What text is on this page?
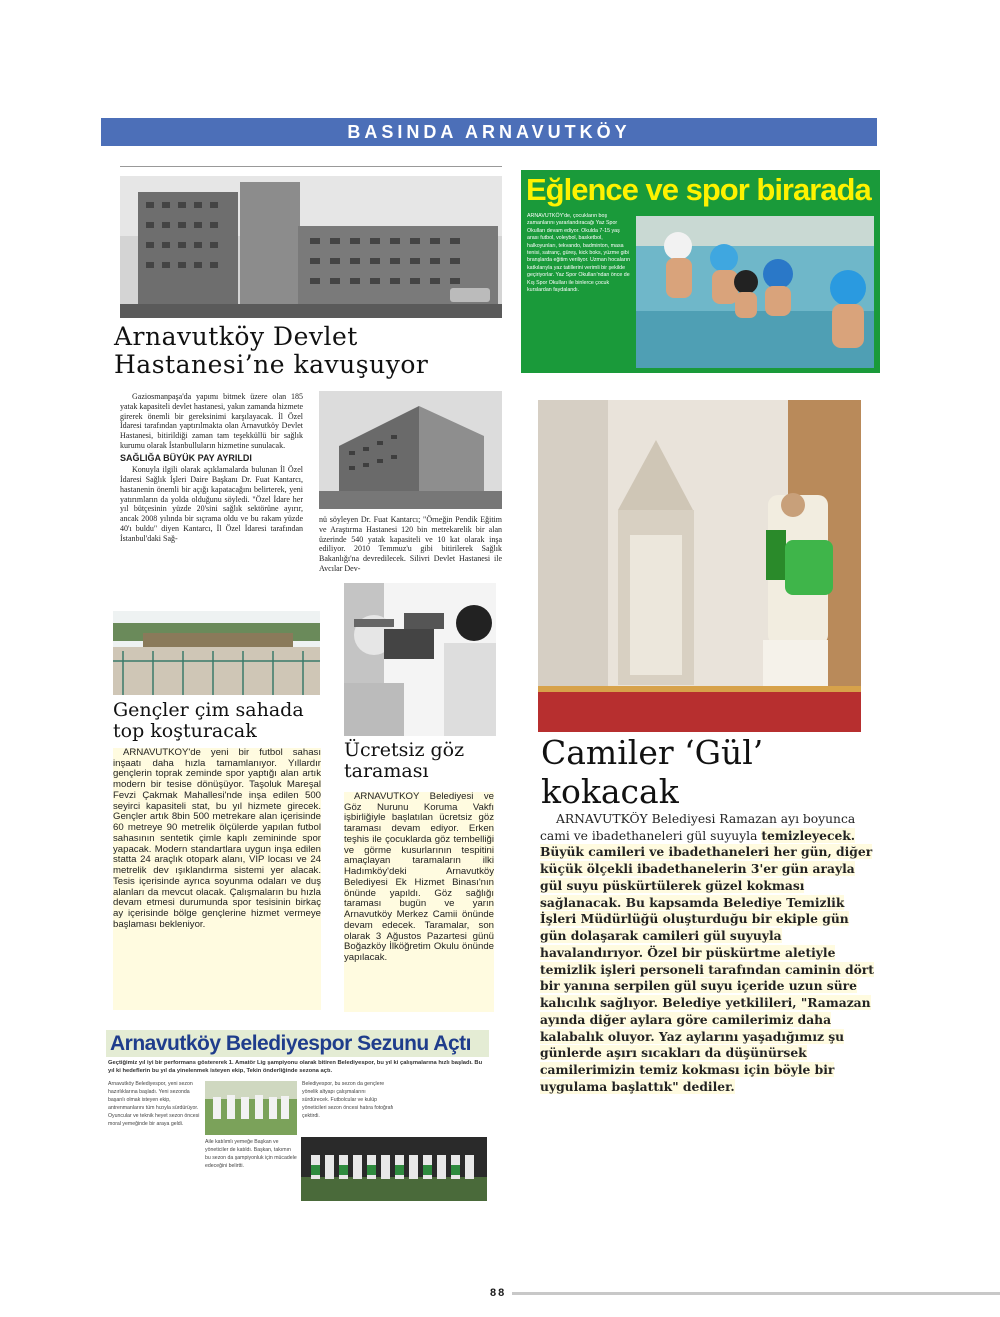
BASINDA ARNAVUTKÖY
Arnavutköy Devlet Hastanesi’ne kavuşuyor

Gaziosmanpaşa'da yapımı bitmek üzere olan 185 yatak kapasiteli devlet hastanesi, yakın zamanda hizmete girerek önemli bir gereksinimi karşılayacak. İl Özel İdaresi tarafından yaptırılmakta olan Arnavutköy Devlet Hastanesi, bitirildiği zaman tam teşekküllü bir sağlık kurumu olarak İstanbulluların hizmetine sunulacak.

SAĞLIĞA BÜYÜK PAY AYRILDI

Konuyla ilgili olarak açıklamalarda bulunan İl Özel İdaresi Sağlık İşleri Daire Başkanı Dr. Fuat Kantarcı, hastanenin önemli bir açığı kapatacağını belirterek, yeni yatırımların da yolda olduğunu söyledi. "Özel İdare her yıl bütçesinin yüzde 20'sini sağlık sektörüne ayırır, ancak 2008 yılında bir sıçrama oldu ve bu rakam yüzde 40'ı buldu" diyen Kantarcı, İl Özel İdaresi tarafından İstanbul'daki Sağ-

nü söyleyen Dr. Fuat Kantarcı; "Örneğin Pendik Eğitim ve Araştırma Hastanesi 120 bin metrekarelik bir alan üzerinde 540 yatak kapasiteli ve 10 kat olarak inşa ediliyor. 2010 Temmuz'u gibi bitirilerek Sağlık Bakanlığı'na devredilecek. Silivri Devlet Hastanesi ile Avcılar Dev-
Eğlence ve spor birarada
ARNAVUTKÖY'de, çocukların boş zamanlarını yararlandıracağı Yaz Spor Okulları devam ediyor. Okulda 7-15 yaş arası futbol, voleybol, basketbol, halkoyunları, tekvando, badminton, masa tenisi, satranç, güreş, kick boks, yüzme gibi branşlarda eğitim veriliyor. Uzman hocaların katkılarıyla yaz tatillerini verimli bir şekilde geçiriyorlar. Yaz Spor Okulları'ndan önce de Kış Spor Okulları ile binlerce çocuk kurslardan faydalandı.
Gençler çim sahada top koşturacak
ARNAVUTKÖY'de yeni bir futbol sahası inşaatı daha hızla tamamlanıyor. Yıllardır gençlerin toprak zeminde spor yaptığı alan artık modern bir tesise dönüşüyor. Taşoluk Mareşal Fevzi Çakmak Mahallesi'nde inşa edilen 500 seyirci kapasiteli stat, bu yıl hizmete girecek. Gençler artık 8bin 500 metrekare alan içerisinde 60 metreye 90 metrelik ölçülerde yapılan futbol sahasının sentetik çimle kaplı zemininde spor yapacak. Modern standartlara uygun inşa edilen statta 24 araçlık otopark alanı, VIP locası ve 24 metrelik dev ışıklandırma sistemi yer alacak. Tesis içerisinde ayrıca soyunma odaları ve duş alanları da mevcut olacak. Çalışmaların bu hızla devam etmesi durumunda spor tesisinin birkaç ay içerisinde bölge gençlerine hizmet vermeye başlaması bekleniyor.
Ücretsiz göz taraması
ARNAVUTKÖY Belediyesi ve Göz Nurunu Koruma Vakfı işbirliğiyle başlatılan ücretsiz göz taraması devam ediyor. Erken teşhis ile çocuklarda göz tembelliği ve görme kusurlarının tespitini amaçlayan taramaların ilki Hadımköy'deki Arnavutköy Belediyesi Ek Hizmet Binası'nın önünde yapıldı. Göz sağlığı taraması bugün ve yarın Arnavutköy Merkez Camii önünde devam edecek. Taramalar, son olarak 3 Ağustos Pazartesi günü Boğazköy İlköğretim Okulu önünde yapılacak.
Camiler ‘Gül’ kokacak
ARNAVUTKÖY Belediyesi Ramazan ayı boyunca cami ve ibadethaneleri gül suyuyla temizleyecek. Büyük camileri ve ibadethaneleri her gün, diğer küçük ölçekli ibadethanelerin 3'er gün arayla gül suyu püskürtülerek güzel kokması sağlanacak. Bu kapsamda Belediye Temizlik İşleri Müdürlüğü oluşturduğu bir ekiple gün gün dolaşarak camileri gül suyuyla havalandırıyor. Özel bir püskürtme aletiyle temizlik işleri personeli tarafından caminin dört bir yanına serpilen gül suyu içeride uzun süre kalıcılık sağlıyor. Belediye yetkilileri, "Ramazan ayında diğer aylara göre camilerimiz daha kalabalık oluyor. Yaz aylarını yaşadığımız şu günlerde aşırı sıcakları da düşünürsek camilerimizin temiz kokması için böyle bir uygulama başlattık" dediler.
Arnavutköy Belediyespor Sezunu Açtı
Geçtiğimiz yıl iyi bir performans göstererek 1. Amatör Lig şampiyonu olarak bitiren Belediyespor, bu yıl ki çalışmalarına hızlı başladı. Bu yıl ki hedeflerin bu yıl da yinelenmek isteyen ekip, Tekin önderliğinde sezona açtı.
Arnavutköy Belediyespor, yeni sezon hazırlıklarına başladı. Yeni sezonda başarılı olmak isteyen ekip, antrenmanlarını tüm hızıyla sürdürüyor. Oyuncular ve teknik heyet sezon öncesi moral yemeğinde bir araya geldi.
Aile katılımlı yemeğe Başkan ve yöneticiler de katıldı. Başkan, takımın bu sezon da şampiyonluk için mücadele edeceğini belirtti.
Belediyespor, bu sezon da gençlere yönelik altyapı çalışmalarını sürdürecek. Futbolcular ve kulüp yöneticileri sezon öncesi hatıra fotoğrafı çektirdi.
88
